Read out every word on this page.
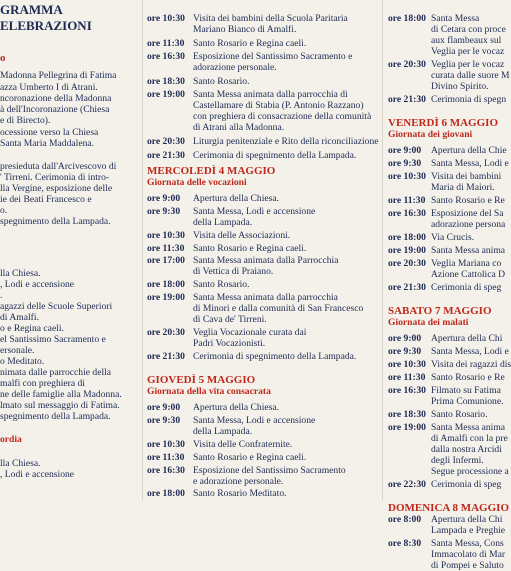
GRAMMA
ELEBRAZIONI
o
Madonna Pellegrina di Fatima
azza Umberto I di Atrani.
ncoronazione della Madonna
à dell'Incoronazione (Chiesa
e di Birecto).
ocessione verso la Chiesa
Santa Maria Maddalena.
presieduta dall'Arcivescovo di
' Tirreni. Cerimonia di intro-
lla Vergine, esposizione delle
ie dei Beati Francesco e
o.
spegnimento della Lampada.
lla Chiesa.
, Lodi e accensione
.
agazzi delle Scuole Superiori
di Amalfi.
o e Regina caeli.
el Santissimo Sacramento e
ersonale.
o Meditato.
nimata dalle parrocchie della
malfi con preghiera di
ne delle famiglie alla Madonna.
lmato sul messaggio di Fatima.
spegnimento della Lampada.
ordia
lla Chiesa.
, Lodi e accensione
ore 10:30 Visita dei bambini della Scuola Paritaria
Mariano Bianco di Amalfi.
ore 11:30 Santo Rosario e Regina caeli.
ore 16:30 Esposizione del Santissimo Sacramento e
adorazione personale.
ore 18:30 Santo Rosario.
ore 19:00 Santa Messa animata dalla parrocchia di
Castellamare di Stabia (P. Antonio Razzano)
con preghiera di consacrazione della comunità
di Atrani alla Madonna.
ore 20:30 Liturgia penitenziale e Rito della riconciliazione
ore 21:30 Cerimonia di spegnimento della Lampada.
MERCOLEDÌ 4 MAGGIO
Giornata delle vocazioni
ore 9:00 Apertura della Chiesa.
ore 9:30 Santa Messa, Lodi e accensione
della Lampada.
ore 10:30 Visita delle Associazioni.
ore 11:30 Santo Rosario e Regina caeli.
ore 17:00 Santa Messa animata dalla Parrocchia
di Vettica di Praiano.
ore 18:00 Santo Rosario.
ore 19:00 Santa Messa animata dalla parrocchia
di Minori e dalla comunità di San Francesco
di Cava de' Tirreni.
ore 20:30 Veglia Vocazionale curata dai
Padri Vocazionisti.
ore 21:30 Cerimonia di spegnimento della Lampada.
GIOVEDÌ 5 MAGGIO
Giornata della vita consacrata
ore 9:00 Apertura della Chiesa.
ore 9:30 Santa Messa, Lodi e accensione
della Lampada.
ore 10:30 Visita delle Confraternite.
ore 11:30 Santo Rosario e Regina caeli.
ore 16:30 Esposizione del Santissimo Sacramento
e adorazione personale.
ore 18:00 Santo Rosario Meditato.
ore 18:00 Santa Messa
di Cetara con proce
aux flambeaux sul
Veglia per le vocaz
ore 20:30 Veglia per le vocaz
curata dalle suore M
Divino Spirito.
ore 21:30 Cerimonia di spegn
VENERDÌ 6 MAGGIO
Giornata dei giovani
ore 9:00 Apertura della Chie
ore 9:30 Santa Messa, Lodi e
ore 10:30 Visita dei bambini
Maria di Maiori.
ore 11:30 Santo Rosario e Re
ore 16:30 Esposizione del Sa
adorazione persona
ore 18:00 Via Crucis.
ore 19:00 Santa Messa anima
ore 20:30 Veglia Mariana co
Azione Cattolica D
ore 21:30 Cerimonia di speg
SABATO 7 MAGGIO
Giornata dei malati
ore 9:00 Apertura della Chi
ore 9:30 Santa Messa, Lodi e
ore 10:30 Visita dei ragazzi dis
ore 11:30 Santo Rosario e Re
ore 16:30 Filmato su Fatima
Prima Comunione.
ore 18:30 Santo Rosario.
ore 19:00 Santa Messa anima
di Amalfi con la pre
dalla nostra Arcidi
degli Infermi.
Segue processione a
ore 22:30 Cerimonia di speg
DOMENICA 8 MAGGIO
ore 8:00 Apertura della Chi
Lampada e Preghie
ore 8:30 Santa Messa, Cons
Immacolato di Mar
di Pompei e Saluto
